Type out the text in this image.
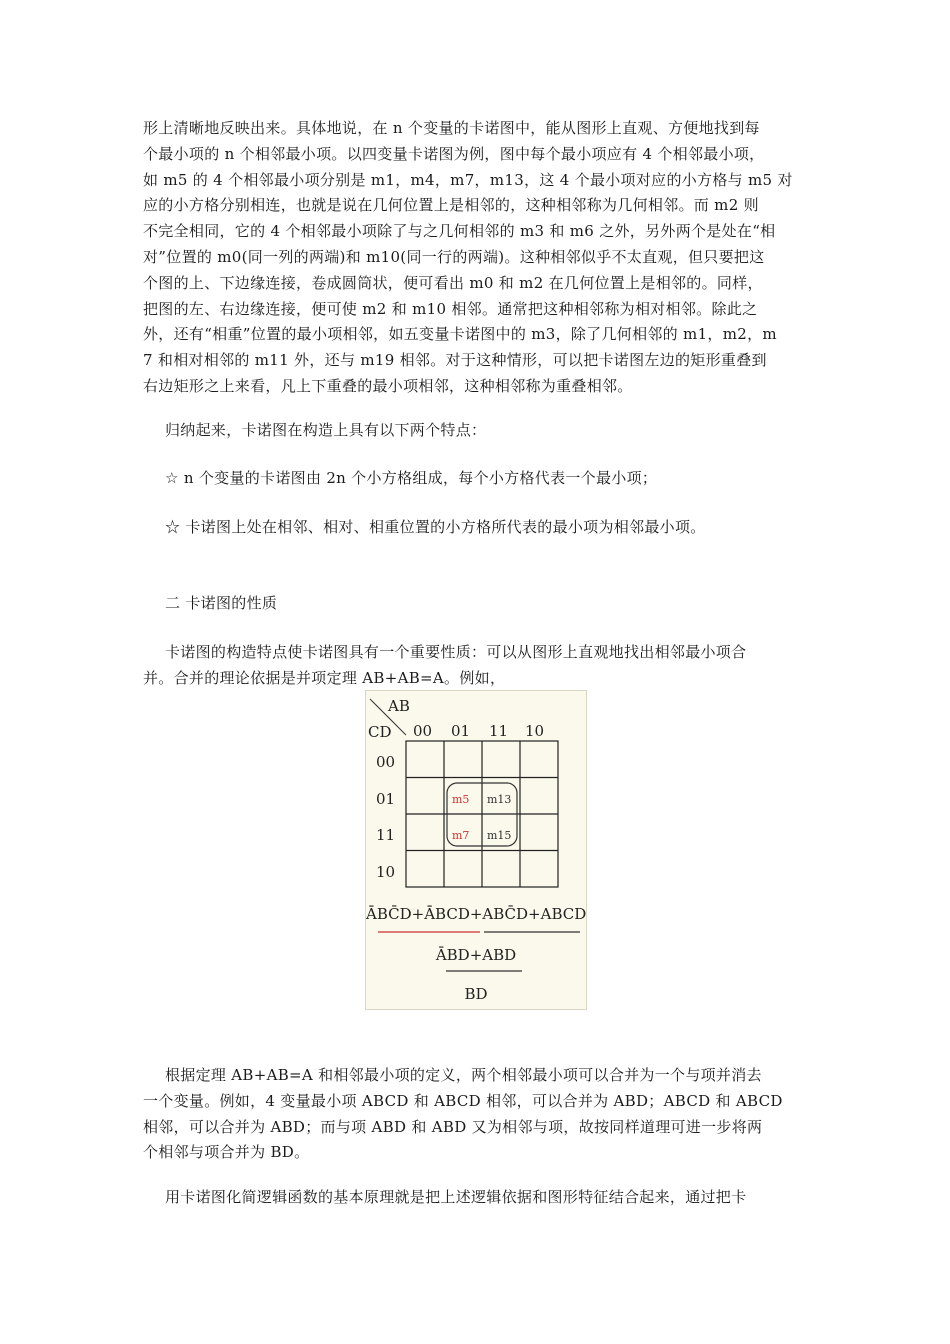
形上清晰地反映出来。具体地说，在 n 个变量的卡诺图中，能从图形上直观、方便地找到每
个最小项的 n 个相邻最小项。以四变量卡诺图为例，图中每个最小项应有 4 个相邻最小项，
如 m5 的 4 个相邻最小项分别是 m1，m4，m7，m13，这 4 个最小项对应的小方格与 m5 对
应的小方格分别相连，也就是说在几何位置上是相邻的，这种相邻称为几何相邻。而 m2 则
不完全相同，它的 4 个相邻最小项除了与之几何相邻的 m3 和 m6 之外，另外两个是处在“相
对”位置的 m0(同一列的两端)和 m10(同一行的两端)。这种相邻似乎不太直观，但只要把这
个图的上、下边缘连接，卷成圆筒状，便可看出 m0 和 m2 在几何位置上是相邻的。同样，
把图的左、右边缘连接，便可使 m2 和 m10 相邻。通常把这种相邻称为相对相邻。除此之
外，还有“相重”位置的最小项相邻，如五变量卡诺图中的 m3，除了几何相邻的 m1，m2，m
7 和相对相邻的 m11 外，还与 m19 相邻。对于这种情形，可以把卡诺图左边的矩形重叠到
右边矩形之上来看，凡上下重叠的最小项相邻，这种相邻称为重叠相邻。

归纳起来，卡诺图在构造上具有以下两个特点：

☆ n 个变量的卡诺图由 2n 个小方格组成，每个小方格代表一个最小项；

☆ 卡诺图上处在相邻、相对、相重位置的小方格所代表的最小项为相邻最小项。

二 卡诺图的性质

卡诺图的构造特点使卡诺图具有一个重要性质：可以从图形上直观地找出相邻最小项合
并。合并的理论依据是并项定理 AB+AB=A。例如，
AB
CD 00 01 11 10
00
01
11
10
m5 m13
m7 m15
ĀBC̄D+ĀBCD+ABC̄D+ABCD
ĀBD+ABD
BD
根据定理 AB+AB=A 和相邻最小项的定义，两个相邻最小项可以合并为一个与项并消去
一个变量。例如，4 变量最小项 ABCD 和 ABCD 相邻，可以合并为 ABD；ABCD 和 ABCD
相邻，可以合并为 ABD；而与项 ABD 和 ABD 又为相邻与项，故按同样道理可进一步将两
个相邻与项合并为 BD。
用卡诺图化简逻辑函数的基本原理就是把上述逻辑依据和图形特征结合起来，通过把卡
